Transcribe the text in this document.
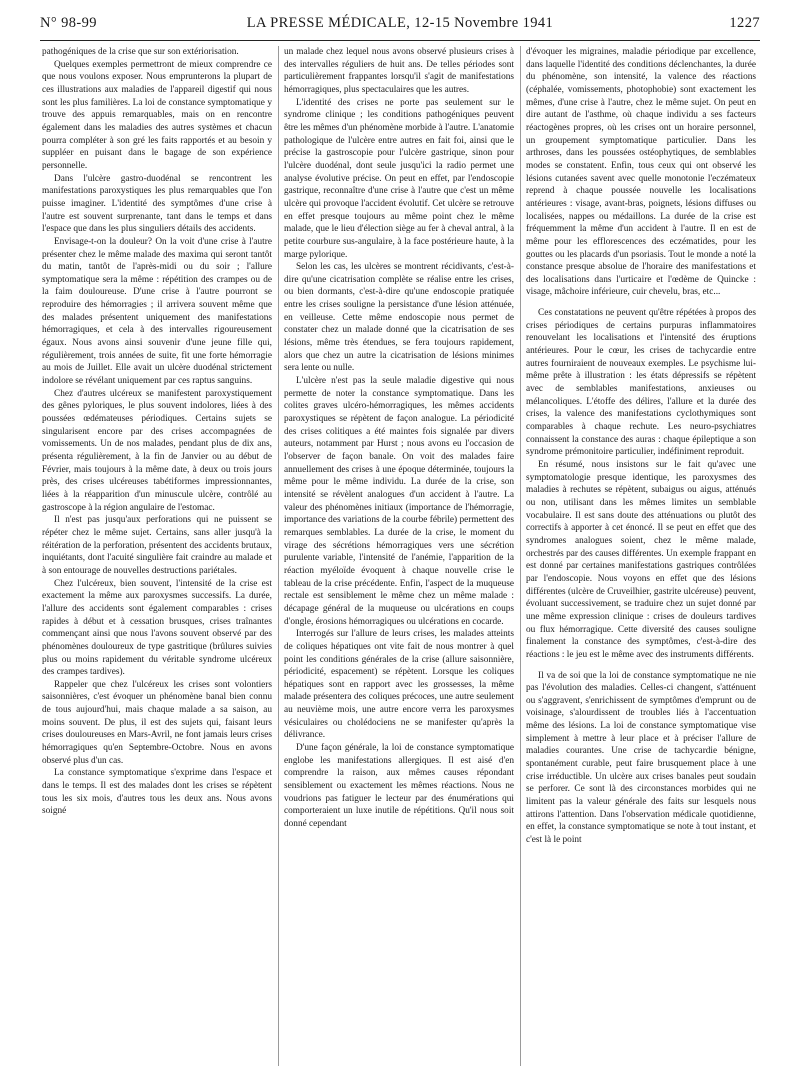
N° 98-99	LA PRESSE MÉDICALE, 12-15 Novembre 1941	1227

pathogéniques de la crise que sur son extériorisation.

Quelques exemples permettront de mieux comprendre ce que nous voulons exposer. Nous emprunterons la plupart de ces illustrations aux maladies de l'appareil digestif qui nous sont les plus familières. La loi de constance symptomatique y trouve des appuis remarquables, mais on en rencontre également dans les maladies des autres systèmes et chacun pourra compléter à son gré les faits rapportés et au besoin y suppléer en puisant dans le bagage de son expérience personnelle.

Dans l'ulcère gastro-duodénal se rencontrent les manifestations paroxystiques les plus remarquables que l'on puisse imaginer. L'identité des symptômes d'une crise à l'autre est souvent surprenante, tant dans le temps et dans l'espace que dans les plus singuliers détails des accidents.

Envisage-t-on la douleur? On la voit d'une crise à l'autre présenter chez le même malade des maxima qui seront tantôt du matin, tantôt de l'après-midi ou du soir ; l'allure symptomatique sera la même : répétition des crampes ou de la faim douloureuse. D'une crise à l'autre pourront se reproduire des hémorragies ; il arrivera souvent même que des malades présentent uniquement des manifestations hémorragiques, et cela à des intervalles rigoureusement égaux. Nous avons ainsi souvenir d'une jeune fille qui, régulièrement, trois années de suite, fit une forte hémorragie au mois de Juillet. Elle avait un ulcère duodénal strictement indolore se révélant uniquement par ces raptus sanguins.

Chez d'autres ulcéreux se manifestent paroxystiquement des gênes pyloriques, le plus souvent indolores, liées à des poussées œdémateuses périodiques. Certains sujets se singularisent encore par des crises accompagnées de vomissements. Un de nos malades, pendant plus de dix ans, présenta régulièrement, à la fin de Janvier ou au début de Février, mais toujours à la même date, à deux ou trois jours près, des crises ulcéreuses tabétiformes impressionnantes, liées à la réapparition d'un minuscule ulcère, contrôlé au gastroscope à la région angulaire de l'estomac.

Il n'est pas jusqu'aux perforations qui ne puissent se répéter chez le même sujet. Certains, sans aller jusqu'à la réitération de la perforation, présentent des accidents brutaux, inquiétants, dont l'acuité singulière fait craindre au malade et à son entourage de nouvelles destructions pariétales.

Chez l'ulcéreux, bien souvent, l'intensité de la crise est exactement la même aux paroxysmes successifs. La durée, l'allure des accidents sont également comparables : crises rapides à début et à cessation brusques, crises traînantes commençant ainsi que nous l'avons souvent observé par des phénomènes douloureux de type gastritique (brûlures suivies plus ou moins rapidement du véritable syndrome ulcéreux des crampes tardives).

Rappeler que chez l'ulcéreux les crises sont volontiers saisonnières, c'est évoquer un phénomène banal bien connu de tous aujourd'hui, mais chaque malade a sa saison, au moins souvent. De plus, il est des sujets qui, faisant leurs crises douloureuses en Mars-Avril, ne font jamais leurs crises hémorragiques qu'en Septembre-Octobre. Nous en avons observé plus d'un cas.

La constance symptomatique s'exprime dans l'espace et dans le temps. Il est des malades dont les crises se répètent tous les six mois, d'autres tous les deux ans. Nous avons soigné

un malade chez lequel nous avons observé plusieurs crises à des intervalles réguliers de huit ans. De telles périodes sont particulièrement frappantes lorsqu'il s'agit de manifestations hémorragiques, plus spectaculaires que les autres.

L'identité des crises ne porte pas seulement sur le syndrome clinique ; les conditions pathogéniques peuvent être les mêmes d'un phénomène morbide à l'autre. L'anatomie pathologique de l'ulcère entre autres en fait foi, ainsi que le précise la gastroscopie pour l'ulcère gastrique, sinon pour l'ulcère duodénal, dont seule jusqu'ici la radio permet une analyse évolutive précise. On peut en effet, par l'endoscopie gastrique, reconnaître d'une crise à l'autre que c'est un même ulcère qui provoque l'accident évolutif. Cet ulcère se retrouve en effet presque toujours au même point chez le même malade, que le lieu d'élection siège au fer à cheval antral, à la petite courbure sus-angulaire, à la face postérieure haute, à la marge pylorique.

Selon les cas, les ulcères se montrent récidivants, c'est-à-dire qu'une cicatrisation complète se réalise entre les crises, ou bien dormants, c'est-à-dire qu'une endoscopie pratiquée entre les crises souligne la persistance d'une lésion atténuée, en veilleuse. Cette même endoscopie nous permet de constater chez un malade donné que la cicatrisation de ses lésions, même très étendues, se fera toujours rapidement, alors que chez un autre la cicatrisation de lésions minimes sera lente ou nulle.

L'ulcère n'est pas la seule maladie digestive qui nous permette de noter la constance symptomatique. Dans les colites graves ulcéro-hémorragiques, les mêmes accidents paroxystiques se répètent de façon analogue. La périodicité des crises colitiques a été maintes fois signalée par divers auteurs, notamment par Hurst ; nous avons eu l'occasion de l'observer de façon banale. On voit des malades faire annuellement des crises à une époque déterminée, toujours la même pour le même individu. La durée de la crise, son intensité se révèlent analogues d'un accident à l'autre. La valeur des phénomènes initiaux (importance de l'hémorragie, importance des variations de la courbe fébrile) permettent des remarques semblables. La durée de la crise, le moment du virage des sécrétions hémorragiques vers une sécrétion purulente variable, l'intensité de l'anémie, l'apparition de la réaction myéloïde évoquent à chaque nouvelle crise le tableau de la crise précédente. Enfin, l'aspect de la muqueuse rectale est sensiblement le même chez un même malade : décapage général de la muqueuse ou ulcérations en coups d'ongle, érosions hémorragiques ou ulcérations en cocarde.

Interrogés sur l'allure de leurs crises, les malades atteints de coliques hépatiques ont vite fait de nous montrer à quel point les conditions générales de la crise (allure saisonnière, périodicité, espacement) se répètent. Lorsque les coliques hépatiques sont en rapport avec les grossesses, la même malade présentera des coliques précoces, une autre seulement au neuvième mois, une autre encore verra les paroxysmes vésiculaires ou cholédociens ne se manifester qu'après la délivrance.

D'une façon générale, la loi de constance symptomatique englobe les manifestations allergiques. Il est aisé d'en comprendre la raison, aux mêmes causes répondant sensiblement ou exactement les mêmes réactions. Nous ne voudrions pas fatiguer le lecteur par des énumérations qui comporteraient un luxe inutile de répétitions. Qu'il nous soit donné cependant

d'évoquer les migraines, maladie périodique par excellence, dans laquelle l'identité des conditions déclenchantes, la durée du phénomène, son intensité, la valence des réactions (céphalée, vomissements, photophobie) sont exactement les mêmes, d'une crise à l'autre, chez le même sujet. On peut en dire autant de l'asthme, où chaque individu a ses facteurs réactogènes propres, où les crises ont un horaire personnel, un groupement symptomatique particulier. Dans les arthroses, dans les poussées ostéophytiques, de semblables modes se constatent. Enfin, tous ceux qui ont observé les lésions cutanées savent avec quelle monotonie l'eczémateux reprend à chaque poussée nouvelle les localisations antérieures : visage, avant-bras, poignets, lésions diffuses ou localisées, nappes ou médaillons. La durée de la crise est fréquemment la même d'un accident à l'autre. Il en est de même pour les efflorescences des eczématides, pour les gouttes ou les placards d'un psoriasis. Tout le monde a noté la constance presque absolue de l'horaire des manifestations et des localisations dans l'urticaire et l'œdème de Quincke : visage, mâchoire inférieure, cuir chevelu, bras, etc...

Ces constatations ne peuvent qu'être répétées à propos des crises périodiques de certains purpuras inflammatoires renouvelant les localisations et l'intensité des éruptions antérieures. Pour le cœur, les crises de tachycardie entre autres fourniraient de nouveaux exemples. Le psychisme lui-même prête à illustration : les états dépressifs se répètent avec de semblables manifestations, anxieuses ou mélancoliques. L'étoffe des délires, l'allure et la durée des crises, la valence des manifestations cyclothymiques sont comparables à chaque rechute. Les neuro-psychiatres connaissent la constance des auras : chaque épileptique a son syndrome prémonitoire particulier, indéfiniment reproduit.

En résumé, nous insistons sur le fait qu'avec une symptomatologie presque identique, les paroxysmes des maladies à rechutes se répètent, subaigus ou aigus, atténués ou non, utilisant dans les mêmes limites un semblable vocabulaire. Il est sans doute des atténuations ou plutôt des correctifs à apporter à cet énoncé. Il se peut en effet que des syndromes analogues soient, chez le même malade, orchestrés par des causes différentes. Un exemple frappant en est donné par certaines manifestations gastriques contrôlées par l'endoscopie. Nous voyons en effet que des lésions différentes (ulcère de Cruveilhier, gastrite ulcéreuse) peuvent, évoluant successivement, se traduire chez un sujet donné par une même expression clinique : crises de douleurs tardives ou flux hémorragique. Cette diversité des causes souligne finalement la constance des symptômes, c'est-à-dire des réactions : le jeu est le même avec des instruments différents.

Il va de soi que la loi de constance symptomatique ne nie pas l'évolution des maladies. Celles-ci changent, s'atténuent ou s'aggravent, s'enrichissent de symptômes d'emprunt ou de voisinage, s'alourdissent de troubles liés à l'accentuation même des lésions. La loi de constance symptomatique vise simplement à mettre à leur place et à préciser l'allure de maladies courantes. Une crise de tachycardie bénigne, spontanément curable, peut faire brusquement place à une crise irréductible. Un ulcère aux crises banales peut soudain se perforer. Ce sont là des circonstances morbides qui ne limitent pas la valeur générale des faits sur lesquels nous attirons l'attention. Dans l'observation médicale quotidienne, en effet, la constance symptomatique se note à tout instant, et c'est là le point
